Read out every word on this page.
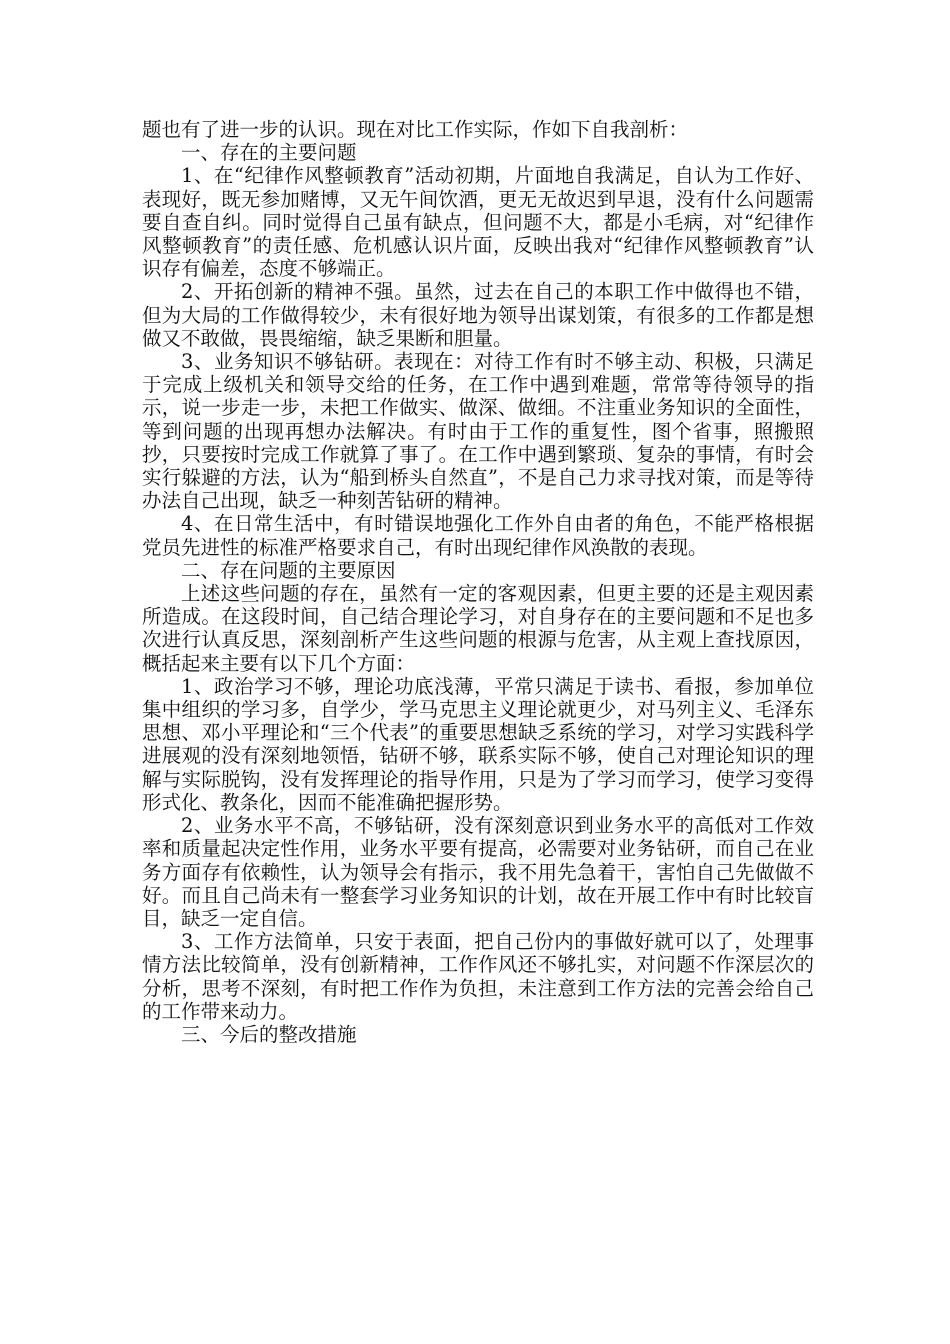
题也有了进一步的认识。现在对比工作实际，作如下自我剖析：

一、存在的主要问题

1、在“纪律作风整顿教育”活动初期，片面地自我满足，自认为工作好、表现好，既无参加赌博，又无午间饮酒，更无无故迟到早退，没有什么问题需要自查自纠。同时觉得自己虽有缺点，但问题不大，都是小毛病，对“纪律作风整顿教育”的责任感、危机感认识片面，反映出我对“纪律作风整顿教育”认识存有偏差，态度不够端正。

2、开拓创新的精神不强。虽然，过去在自己的本职工作中做得也不错，但为大局的工作做得较少，未有很好地为领导出谋划策，有很多的工作都是想做又不敢做，畏畏缩缩，缺乏果断和胆量。

3、业务知识不够钻研。表现在：对待工作有时不够主动、积极，只满足于完成上级机关和领导交给的任务，在工作中遇到难题，常常等待领导的指示，说一步走一步，未把工作做实、做深、做细。不注重业务知识的全面性，等到问题的出现再想办法解决。有时由于工作的重复性，图个省事，照搬照抄，只要按时完成工作就算了事了。在工作中遇到繁琐、复杂的事情，有时会实行躲避的方法，认为“船到桥头自然直”，不是自己力求寻找对策，而是等待办法自己出现，缺乏一种刻苦钻研的精神。

4、在日常生活中，有时错误地强化工作外自由者的角色，不能严格根据党员先进性的标准严格要求自己，有时出现纪律作风涣散的表现。

二、存在问题的主要原因

上述这些问题的存在，虽然有一定的客观因素，但更主要的还是主观因素所造成。在这段时间，自己结合理论学习，对自身存在的主要问题和不足也多次进行认真反思，深刻剖析产生这些问题的根源与危害，从主观上查找原因，概括起来主要有以下几个方面：

1、政治学习不够，理论功底浅薄，平常只满足于读书、看报，参加单位集中组织的学习多，自学少，学马克思主义理论就更少，对马列主义、毛泽东思想、邓小平理论和“三个代表”的重要思想缺乏系统的学习，对学习实践科学进展观的没有深刻地领悟，钻研不够，联系实际不够，使自己对理论知识的理解与实际脱钩，没有发挥理论的指导作用，只是为了学习而学习，使学习变得形式化、教条化，因而不能准确把握形势。

2、业务水平不高，不够钻研，没有深刻意识到业务水平的高低对工作效率和质量起决定性作用，业务水平要有提高，必需要对业务钻研，而自己在业务方面存有依赖性，认为领导会有指示，我不用先急着干，害怕自己先做做不好。而且自己尚未有一整套学习业务知识的计划，故在开展工作中有时比较盲目，缺乏一定自信。

3、工作方法简单，只安于表面，把自己份内的事做好就可以了，处理事情方法比较简单，没有创新精神，工作作风还不够扎实，对问题不作深层次的分析，思考不深刻，有时把工作作为负担，未注意到工作方法的完善会给自己的工作带来动力。

三、今后的整改措施
